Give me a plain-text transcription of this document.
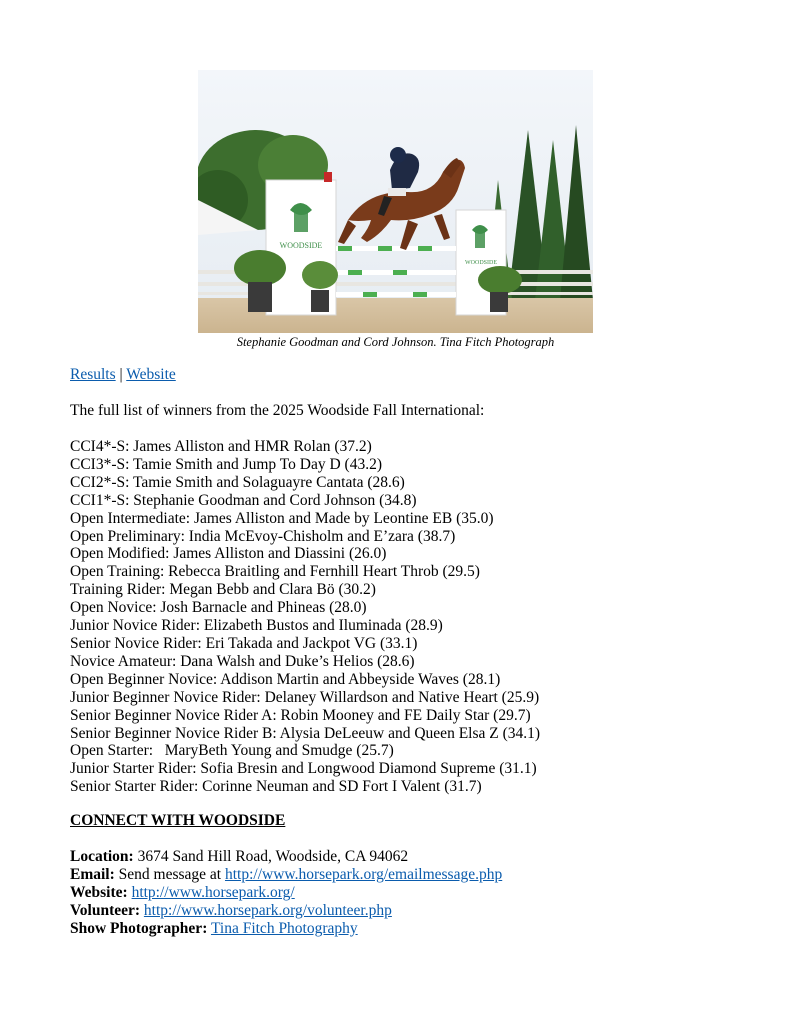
WOODSIDE
WOODSIDE
Stephanie Goodman and Cord Johnson. Tina Fitch Photograph
Results | Website
The full list of winners from the 2025 Woodside Fall International:
CCI4*-S: James Alliston and HMR Rolan (37.2)
CCI3*-S: Tamie Smith and Jump To Day D (43.2)
CCI2*-S: Tamie Smith and Solaguayre Cantata (28.6)
CCI1*-S: Stephanie Goodman and Cord Johnson (34.8)
Open Intermediate: James Alliston and Made by Leontine EB (35.0)
Open Preliminary: India McEvoy-Chisholm and E’zara (38.7)
Open Modified: James Alliston and Diassini (26.0)
Open Training: Rebecca Braitling and Fernhill Heart Throb (29.5)
Training Rider: Megan Bebb and Clara Bö (30.2)
Open Novice: Josh Barnacle and Phineas (28.0)
Junior Novice Rider: Elizabeth Bustos and Iluminada (28.9)
Senior Novice Rider: Eri Takada and Jackpot VG (33.1)
Novice Amateur: Dana Walsh and Duke’s Helios (28.6)
Open Beginner Novice: Addison Martin and Abbeyside Waves (28.1)
Junior Beginner Novice Rider: Delaney Willardson and Native Heart (25.9)
Senior Beginner Novice Rider A: Robin Mooney and FE Daily Star (29.7)
Senior Beginner Novice Rider B: Alysia DeLeeuw and Queen Elsa Z (34.1)
Open Starter:   MaryBeth Young and Smudge (25.7)
Junior Starter Rider: Sofia Bresin and Longwood Diamond Supreme (31.1)
Senior Starter Rider: Corinne Neuman and SD Fort I Valent (31.7)
CONNECT WITH WOODSIDE
Location: 3674 Sand Hill Road, Woodside, CA 94062
Email: Send message at http://www.horsepark.org/emailmessage.php
Website: http://www.horsepark.org/
Volunteer: http://www.horsepark.org/volunteer.php
Show Photographer: Tina Fitch Photography
